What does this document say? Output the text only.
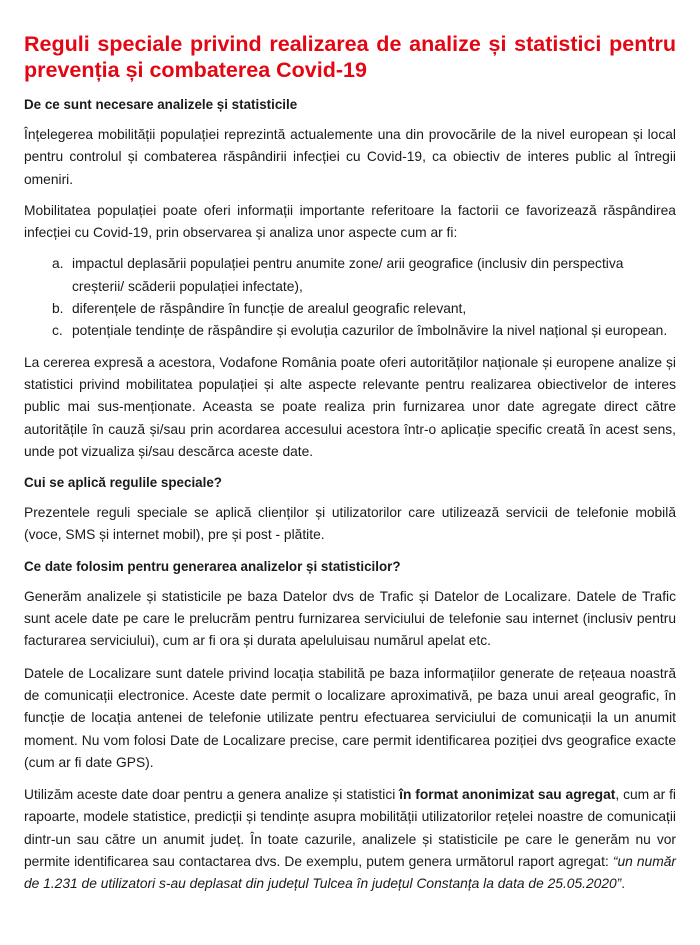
Reguli speciale privind realizarea de analize și statistici pentru prevenția și combaterea Covid-19
De ce sunt necesare analizele și statisticile

Înțelegerea mobilității populației reprezintă actualemente una din provocările de la nivel european și local pentru controlul și combaterea răspândirii infecției cu Covid-19, ca obiectiv de interes public al întregii omeniri.

Mobilitatea populației poate oferi informații importante referitoare la factorii ce favorizează răspândirea infecției cu Covid-19, prin observarea și analiza unor aspecte cum ar fi:

a. impactul deplasării populației pentru anumite zone/ arii geografice (inclusiv din perspectiva creșterii/ scăderii populației infectate),
b. diferențele de răspândire în funcție de arealul geografic relevant,
c. potențiale tendințe de răspândire și evoluția cazurilor de îmbolnăvire la nivel național și european.

La cererea expresă a acestora, Vodafone România poate oferi autorităților naționale și europene analize și statistici privind mobilitatea populației și alte aspecte relevante pentru realizarea obiectivelor de interes public mai sus-menționate. Aceasta se poate realiza prin furnizarea unor date agregate direct către autoritățile în cauză și/sau prin acordarea accesului acestora într-o aplicație specific creată în acest sens, unde pot vizualiza și/sau descărca aceste date.

Cui se aplică regulile speciale?

Prezentele reguli speciale se aplică clienților și utilizatorilor care utilizează servicii de telefonie mobilă (voce, SMS și internet mobil), pre și post - plătite.

Ce date folosim pentru generarea analizelor și statisticilor?

Generăm analizele și statisticile pe baza Datelor dvs de Trafic și Datelor de Localizare. Datele de Trafic sunt acele date pe care le prelucrăm pentru furnizarea serviciului de telefonie sau internet (inclusiv pentru facturarea serviciului), cum ar fi ora și durata apeluluisau numărul apelat etc.

Datele de Localizare sunt datele privind locația stabilită pe baza informațiilor generate de rețeaua noastră de comunicații electronice. Aceste date permit o localizare aproximativă, pe baza unui areal geografic, în funcție de locația antenei de telefonie utilizate pentru efectuarea serviciului de comunicații la un anumit moment. Nu vom folosi Date de Localizare precise, care permit identificarea poziției dvs geografice exacte (cum ar fi date GPS).

Utilizăm aceste date doar pentru a genera analize și statistici în format anonimizat sau agregat, cum ar fi rapoarte, modele statistice, predicții și tendințe asupra mobilității utilizatorilor rețelei noastre de comunicații dintr-un sau către un anumit județ. În toate cazurile, analizele și statisticile pe care le generăm nu vor permite identificarea sau contactarea dvs. De exemplu, putem genera următorul raport agregat: “un număr de 1.231 de utilizatori s-au deplasat din județul Tulcea în județul Constanța la data de 25.05.2020”.
